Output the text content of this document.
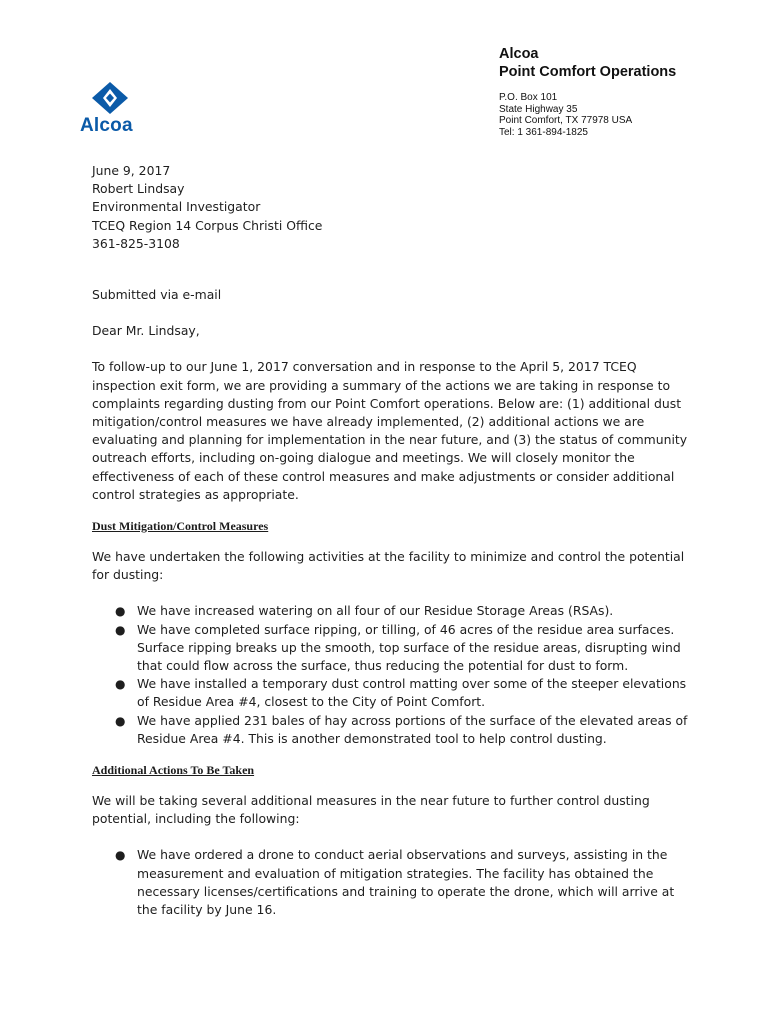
Alcoa
Alcoa
Point Comfort Operations
P.O. Box 101
State Highway 35
Point Comfort, TX 77978 USA
Tel: 1 361-894-1825

June 9, 2017

Robert Lindsay

Environmental Investigator

TCEQ Region 14 Corpus Christi Office

361-825-3108

Submitted via e-mail

Dear Mr. Lindsay,

To follow-up to our June 1, 2017 conversation and in response to the April 5, 2017 TCEQ inspection exit form, we are providing a summary of the actions we are taking in response to complaints regarding dusting from our Point Comfort operations. Below are: (1) additional dust mitigation/control measures we have already implemented, (2) additional actions we are evaluating and planning for implementation in the near future, and (3) the status of community outreach efforts, including on-going dialogue and meetings. We will closely monitor the effectiveness of each of these control measures and make adjustments or consider additional control strategies as appropriate.

Dust Mitigation/Control Measures

We have undertaken the following activities at the facility to minimize and control the potential for dusting:

● We have increased watering on all four of our Residue Storage Areas (RSAs).
● We have completed surface ripping, or tilling, of 46 acres of the residue area surfaces. Surface ripping breaks up the smooth, top surface of the residue areas, disrupting wind that could flow across the surface, thus reducing the potential for dust to form.
● We have installed a temporary dust control matting over some of the steeper elevations of Residue Area #4, closest to the City of Point Comfort.
● We have applied 231 bales of hay across portions of the surface of the elevated areas of Residue Area #4. This is another demonstrated tool to help control dusting.

Additional Actions To Be Taken

We will be taking several additional measures in the near future to further control dusting potential, including the following:

● We have ordered a drone to conduct aerial observations and surveys, assisting in the measurement and evaluation of mitigation strategies. The facility has obtained the necessary licenses/certifications and training to operate the drone, which will arrive at the facility by June 16.
